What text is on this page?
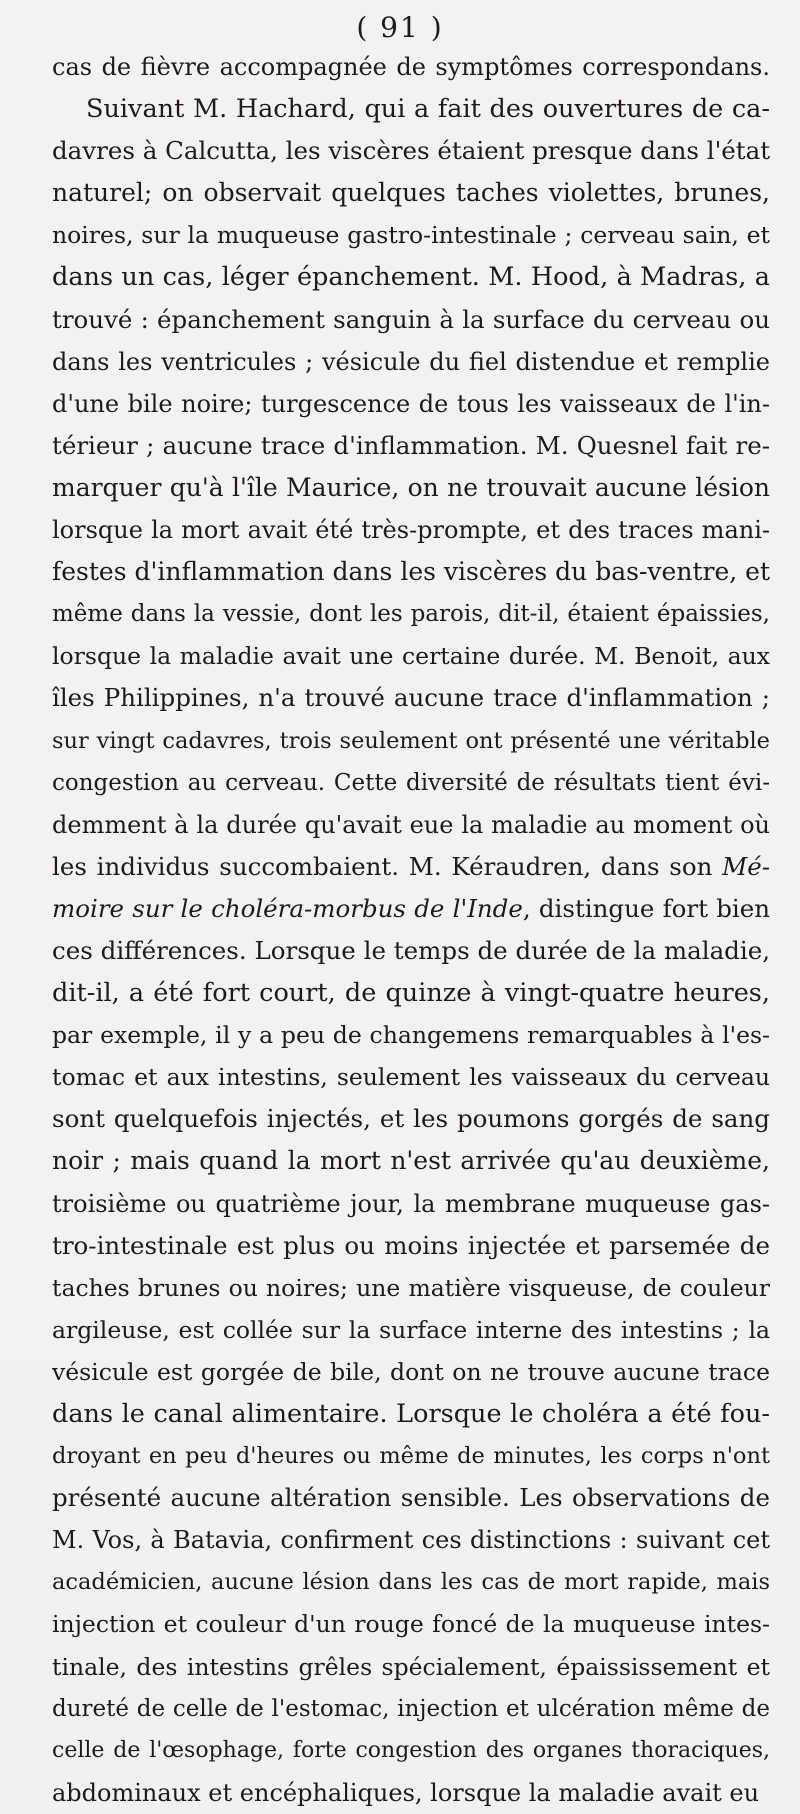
( 91 )
cas de fièvre accompagnée de symptômes correspondans.
Suivant M. Hachard, qui a fait des ouvertures de ca-
davres à Calcutta, les viscères étaient presque dans l'état
naturel; on observait quelques taches violettes, brunes,
noires, sur la muqueuse gastro-intestinale ; cerveau sain, et
dans un cas, léger épanchement. M. Hood, à Madras, a
trouvé : épanchement sanguin à la surface du cerveau ou
dans les ventricules ; vésicule du fiel distendue et remplie
d'une bile noire; turgescence de tous les vaisseaux de l'in-
térieur ; aucune trace d'inflammation. M. Quesnel fait re-
marquer qu'à l'île Maurice, on ne trouvait aucune lésion
lorsque la mort avait été très-prompte, et des traces mani-
festes d'inflammation dans les viscères du bas-ventre, et
même dans la vessie, dont les parois, dit-il, étaient épaissies,
lorsque la maladie avait une certaine durée. M. Benoit, aux
îles Philippines, n'a trouvé aucune trace d'inflammation ;
sur vingt cadavres, trois seulement ont présenté une véritable
congestion au cerveau. Cette diversité de résultats tient évi-
demment à la durée qu'avait eue la maladie au moment où
les individus succombaient. M. Kéraudren, dans son Mé-
moire sur le choléra-morbus de l'Inde, distingue fort bien
ces différences. Lorsque le temps de durée de la maladie,
dit-il, a été fort court, de quinze à vingt-quatre heures,
par exemple, il y a peu de changemens remarquables à l'es-
tomac et aux intestins, seulement les vaisseaux du cerveau
sont quelquefois injectés, et les poumons gorgés de sang
noir ; mais quand la mort n'est arrivée qu'au deuxième,
troisième ou quatrième jour, la membrane muqueuse gas-
tro-intestinale est plus ou moins injectée et parsemée de
taches brunes ou noires; une matière visqueuse, de couleur
argileuse, est collée sur la surface interne des intestins ; la
vésicule est gorgée de bile, dont on ne trouve aucune trace
dans le canal alimentaire. Lorsque le choléra a été fou-
droyant en peu d'heures ou même de minutes, les corps n'ont
présenté aucune altération sensible. Les observations de
M. Vos, à Batavia, confirment ces distinctions : suivant cet
académicien, aucune lésion dans les cas de mort rapide, mais
injection et couleur d'un rouge foncé de la muqueuse intes-
tinale, des intestins grêles spécialement, épaississement et
dureté de celle de l'estomac, injection et ulcération même de
celle de l'œsophage, forte congestion des organes thoraciques,
abdominaux et encéphaliques, lorsque la maladie avait eu
